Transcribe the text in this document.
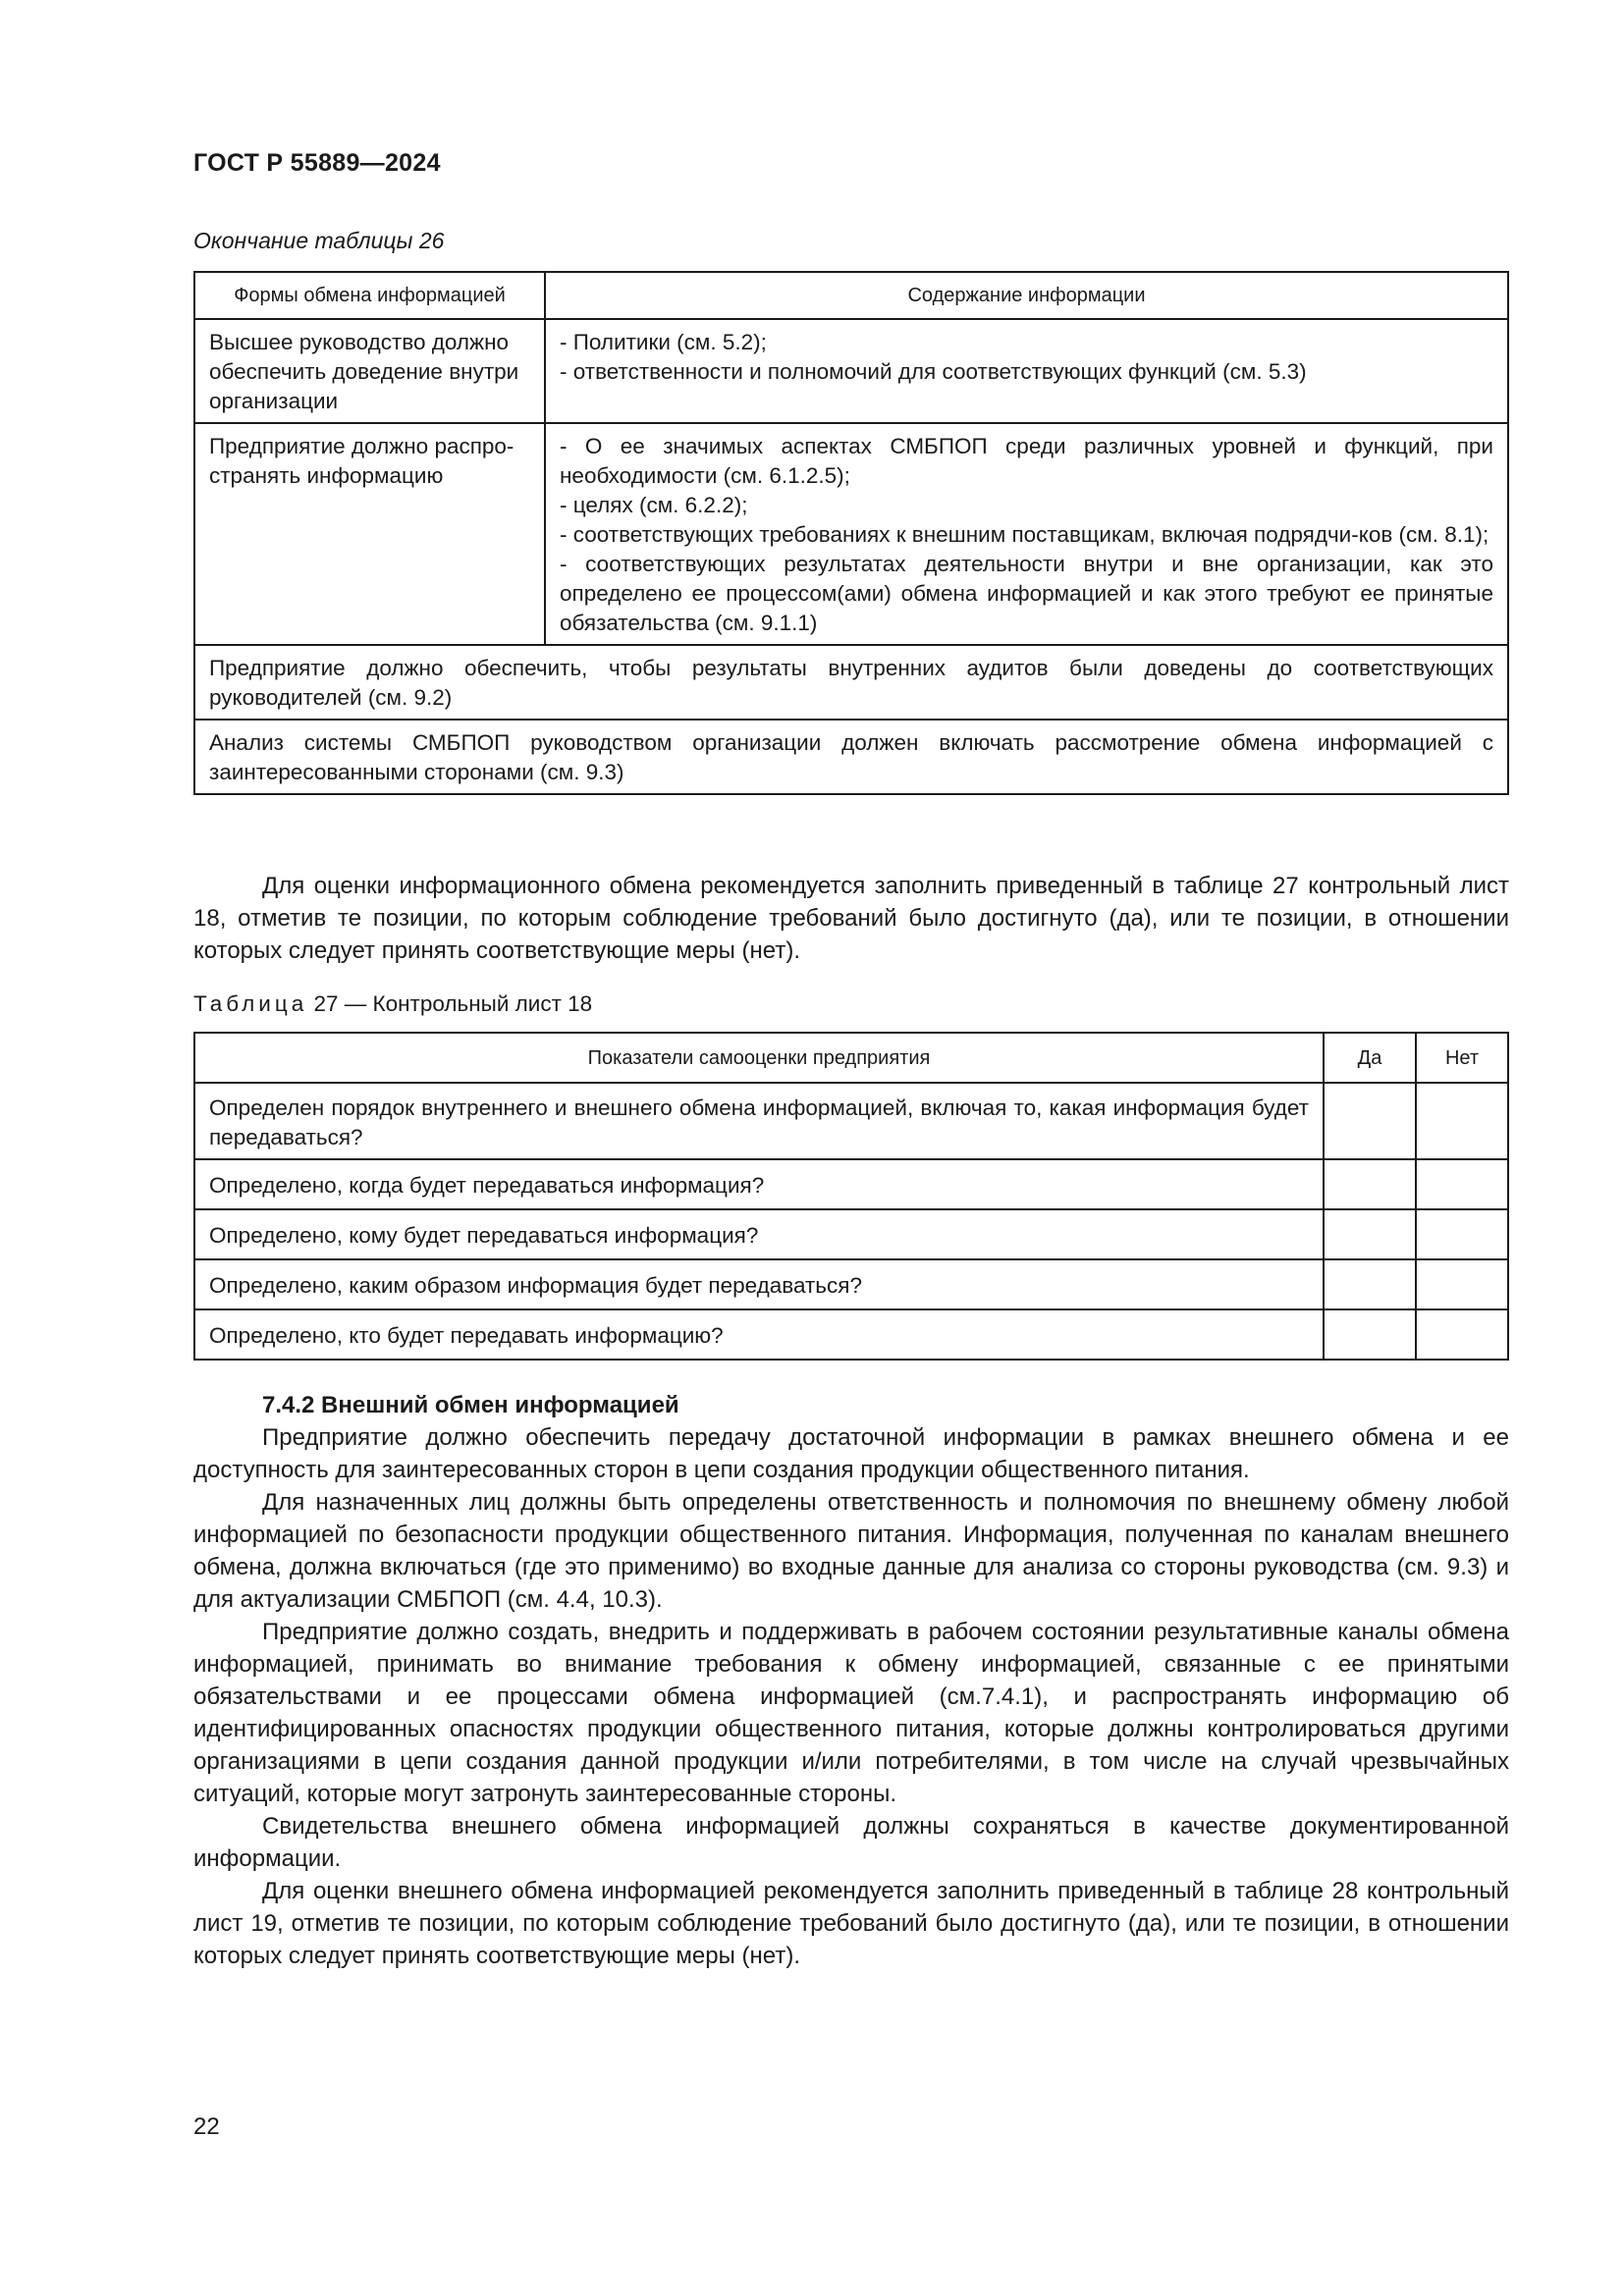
ГОСТ Р 55889—2024
Окончание таблицы 26
Формы обмена информацией	Содержание информации
Высшее руководство должно обеспечить доведение внутри организации	- Политики (см. 5.2);
- ответственности и полномочий для соответствующих функций (см. 5.3)

Предприятие должно распро-странять информацию	- О ее значимых аспектах СМБПОП среди различных уровней и функций, при необходимости (см. 6.1.2.5);
- целях (см. 6.2.2);
- соответствующих требованиях к внешним поставщикам, включая подрядчи-ков (см. 8.1);
- соответствующих результатах деятельности внутри и вне организации, как это определено ее процессом(ами) обмена информацией и как этого требуют ее принятые обязательства (см. 9.1.1)

Предприятие должно обеспечить, чтобы результаты внутренних аудитов были доведены до соответствующих руководителей (см. 9.2)	
Анализ системы СМБПОП руководством организации должен включать рассмотрение обмена информацией с заинтересованными сторонами (см. 9.3)	

Для оценки информационного обмена рекомендуется заполнить приведенный в таблице 27 контрольный лист 18, отметив те позиции, по которым соблюдение требований было достигнуто (да), или те позиции, в отношении которых следует принять соответствующие меры (нет).

Таблица 27 — Контрольный лист 18
Показатели самооценки предприятия	Да	Нет
Определен порядок внутреннего и внешнего обмена информацией, включая то, какая информация будет передаваться?		
Определено, когда будет передаваться информация?		
Определено, кому будет передаваться информация?		
Определено, каким образом информация будет передаваться?		
Определено, кто будет передавать информацию?		

7.4.2 Внешний обмен информацией

Предприятие должно обеспечить передачу достаточной информации в рамках внешнего обмена и ее доступность для заинтересованных сторон в цепи создания продукции общественного питания.

Для назначенных лиц должны быть определены ответственность и полномочия по внешнему обмену любой информацией по безопасности продукции общественного питания. Информация, полученная по каналам внешнего обмена, должна включаться (где это применимо) во входные данные для анализа со стороны руководства (см. 9.3) и для актуализации СМБПОП (см. 4.4, 10.3).

Предприятие должно создать, внедрить и поддерживать в рабочем состоянии результативные каналы обмена информацией, принимать во внимание требования к обмену информацией, связанные с ее принятыми обязательствами и ее процессами обмена информацией (см.7.4.1), и распространять информацию об идентифицированных опасностях продукции общественного питания, которые должны контролироваться другими организациями в цепи создания данной продукции и/или потребителями, в том числе на случай чрезвычайных ситуаций, которые могут затронуть заинтересованные стороны.

Свидетельства внешнего обмена информацией должны сохраняться в качестве документированной информации.

Для оценки внешнего обмена информацией рекомендуется заполнить приведенный в таблице 28 контрольный лист 19, отметив те позиции, по которым соблюдение требований было достигнуто (да), или те позиции, в отношении которых следует принять соответствующие меры (нет).

22
